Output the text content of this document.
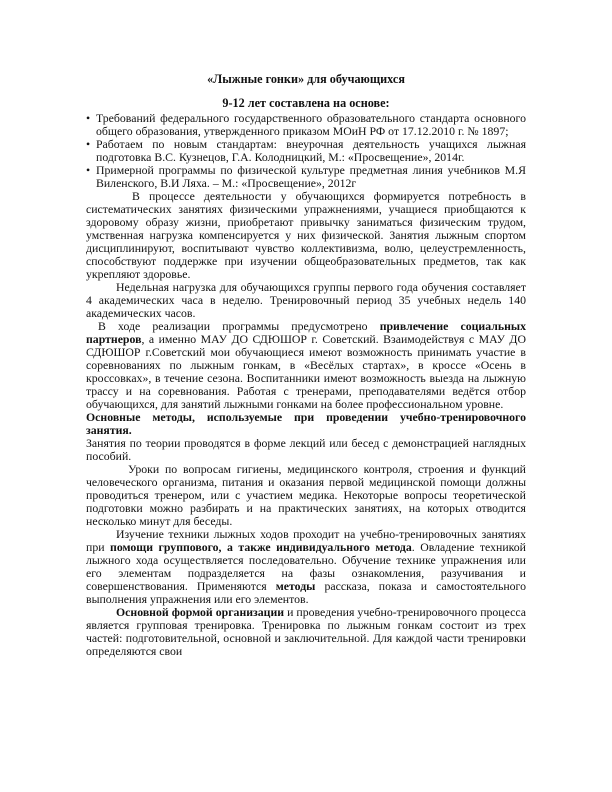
«Лыжные гонки» для обучающихся

9-12 лет составлена на основе:

• Требований федерального государственного образовательного стандарта основного общего образования, утвержденного приказом МОиН РФ от 17.12.2010 г. № 1897;
• Работаем по новым стандартам: внеурочная деятельность учащихся лыжная подготовка В.С. Кузнецов, Г.А. Колодницкий, М.: «Просвещение», 2014г.
• Примерной программы по физической культуре предметная линия учебников М.Я Виленского, В.И Ляха. – М.: «Просвещение», 2012г

В процессе деятельности у обучающихся формируется потребность в систематических занятиях физическими упражнениями, учащиеся приобщаются к здоровому образу жизни, приобретают привычку заниматься физическим трудом, умственная нагрузка компенсируется у них физической. Занятия лыжным спортом дисциплинируют, воспитывают чувство коллективизма, волю, целеустремленность, способствуют поддержке при изучении общеобразовательных предметов, так как укрепляют здоровье.

Недельная нагрузка для обучающихся группы первого года обучения составляет 4 академических часа в неделю. Тренировочный период 35 учебных недель 140 академических часов.

В ходе реализации программы предусмотрено привлечение социальных партнеров, а именно МАУ ДО СДЮШОР г. Советский. Взаимодействуя с МАУ ДО СДЮШОР г.Советский мои обучающиеся имеют возможность принимать участие в соревнованиях по лыжным гонкам, в «Весёлых стартах», в кроссе «Осень в кроссовках», в течение сезона. Воспитанники имеют возможность выезда на лыжную трассу и на соревнования. Работая с тренерами, преподавателями ведётся отбор обучающихся, для занятий лыжными гонками на более профессиональном уровне.

Основные методы, используемые при проведении учебно-тренировочного занятия.

Занятия по теории проводятся в форме лекций или бесед с демонстрацией наглядных пособий.

Уроки по вопросам гигиены, медицинского контроля, строения и функций человеческого организма, питания и оказания первой медицинской помощи должны проводиться тренером, или с участием медика. Некоторые вопросы теоретической подготовки можно разбирать и на практических занятиях, на которых отводится несколько минут для беседы.

Изучение техники лыжных ходов проходит на учебно-тренировочных занятиях при помощи группового, а также индивидуального метода. Овладение техникой лыжного хода осуществляется последовательно. Обучение технике упражнения или его элементам подразделяется на фазы ознакомления, разучивания и совершенствования. Применяются методы рассказа, показа и самостоятельного выполнения упражнения или его элементов.

Основной формой организации и проведения учебно-тренировочного процесса является групповая тренировка. Тренировка по лыжным гонкам состоит из трех частей: подготовительной, основной и заключительной. Для каждой части тренировки определяются свои
